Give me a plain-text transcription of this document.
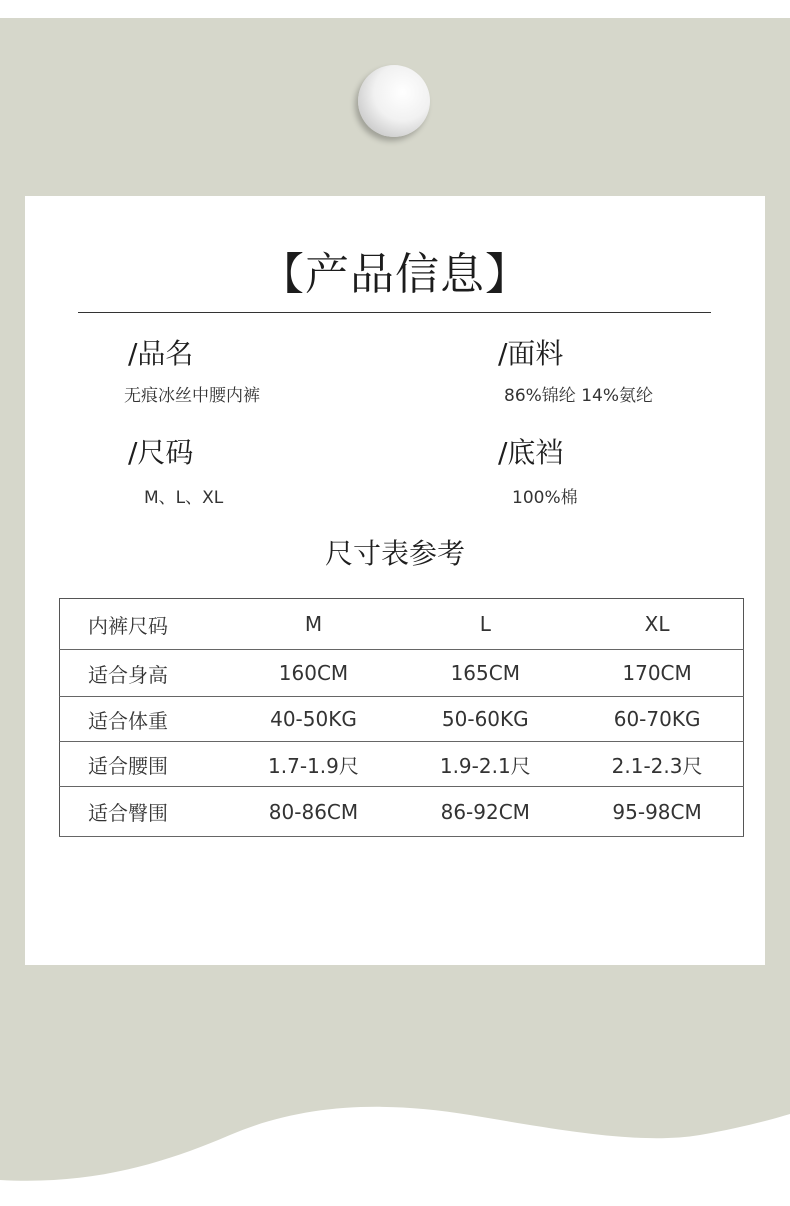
【产品信息】
/品名
无痕冰丝中腰内裤
/面料
86%锦纶 14%氨纶
/尺码
M、L、XL
/底裆
100%棉
尺寸表参考
内裤尺码	M	L	XL
适合身高	160CM	165CM	170CM
适合体重	40-50KG	50-60KG	60-70KG
适合腰围	1.7-1.9尺	1.9-2.1尺	2.1-2.3尺
适合臀围	80-86CM	86-92CM	95-98CM
